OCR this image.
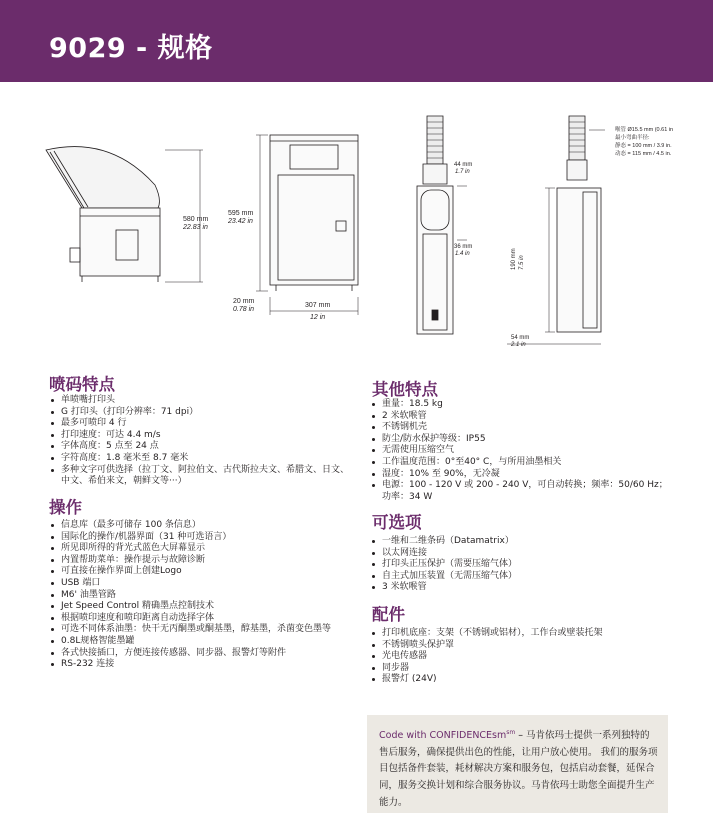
9029 - 规格
580 mm
22.83 in
595 mm
23.42 in
20 mm
0.78 in
307 mm
12 in
44 mm
1.7 in
36 mm
1.4 in
喉管 Ø15.5 mm (0.61 in
最小弯曲半径:
静态 = 100 mm / 3.9 in.
动态 = 115 mm / 4.5 in.
190 mm 7.5 in
54 mm
2.1 in
喷码特点
单喷嘴打印头
G 打印头（打印分辨率：71 dpi）
最多可喷印 4 行
打印速度：可达 4.4 m/s
字体高度：5 点至 24 点
字符高度：1.8 毫米至 8.7 毫米
多种文字可供选择（拉丁文、阿拉伯文、古代斯拉夫文、希腊文、日文、中文、希伯来文，朝鲜文等···）
操作
信息库（最多可储存 100 条信息）
国际化的操作/机器界面（31 种可选语言）
所见即所得的背光式蓝色大屏幕显示
内置帮助菜单：操作提示与故障诊断
可直接在操作界面上创建Logo
USB 端口
M6' 油墨管路
Jet Speed Control 精确墨点控制技术
根据喷印速度和喷印距离自动选择字体
可选不同体系油墨：快干无丙酮墨或酮基墨，醇基墨，杀菌变色墨等
0.8L规格智能墨罐
各式快接插口，方便连接传感器、同步器、报警灯等附件
RS-232 连接
其他特点
重量：18.5 kg
2 米软喉管
不锈钢机壳
防尘/防水保护等级：IP55
无需使用压缩空气
工作温度范围：0°至40° C，与所用油墨相关
湿度：10% 至 90%，无冷凝
电源：100 - 120 V 或 200 - 240 V，可自动转换；频率：50/60 Hz；功率：34 W
可选项
一维和二维条码（Datamatrix）
以太网连接
打印头正压保护（需要压缩气体）
自主式加压装置（无需压缩气体）
3 米软喉管
配件
打印机底座：支架（不锈钢或铝材），工作台或壁装托架
不锈钢喷头保护罩
光电传感器
同步器
报警灯 (24V)
Code with CONFIDENCEsm$^{sm}$ – 马肯依玛士提供一系列独特的售后服务，确保提供出色的性能，让用户放心使用。 我们的服务项目包括备件套装，耗材解决方案和服务包，包括启动套餐，延保合同，服务交换计划和综合服务协议。马肯依玛士助您全面提升生产能力。
